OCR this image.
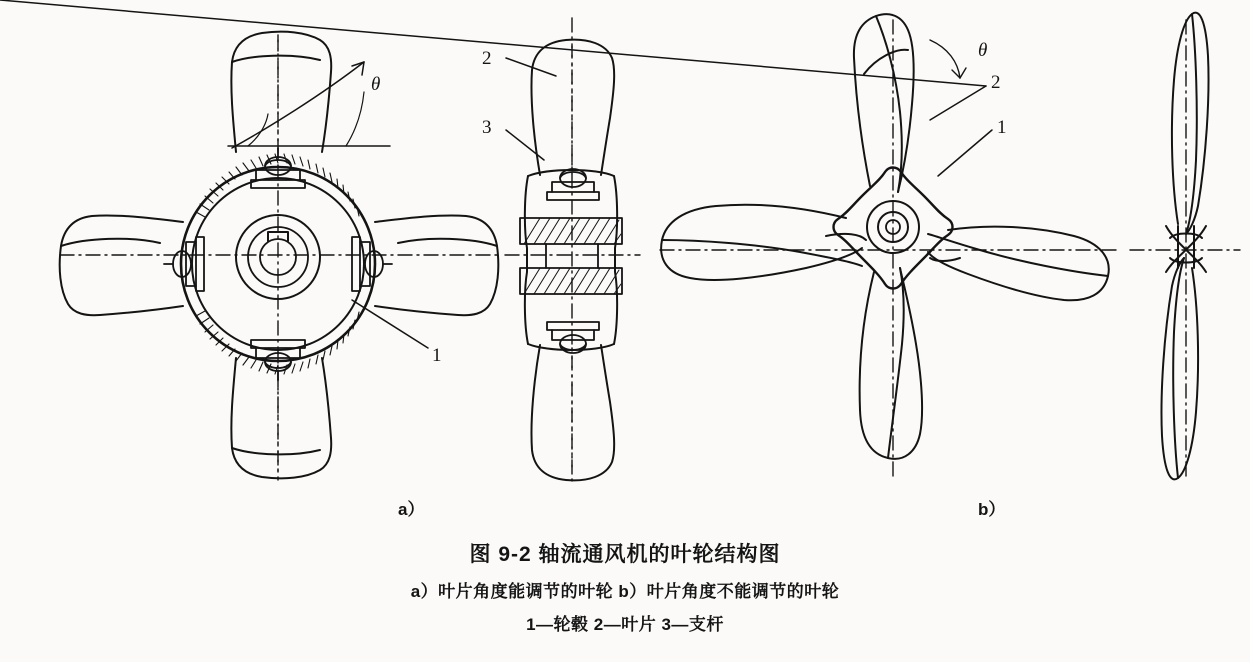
a）	b）
1
2
3
2
1
θ
θ
图 9-2 轴流通风机的叶轮结构图
a）叶片角度能调节的叶轮 b）叶片角度不能调节的叶轮
1—轮毂 2—叶片 3—支杆
